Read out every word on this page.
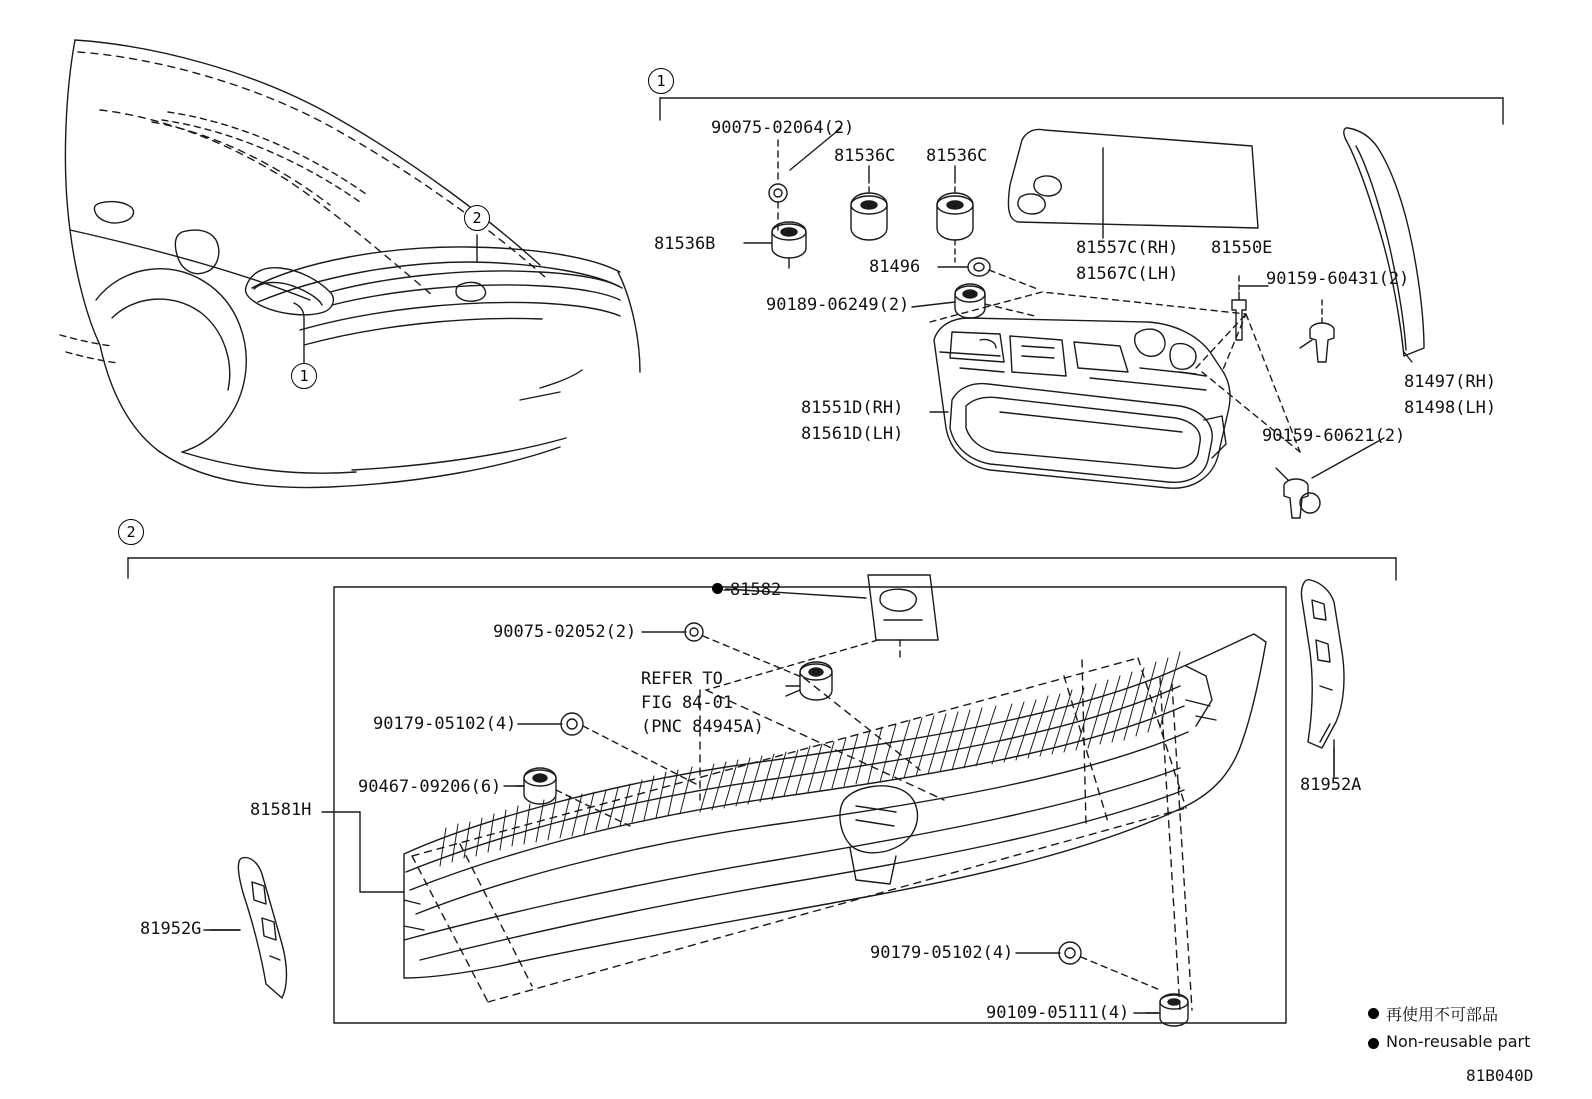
1
2
2
1
90075-02064(2)
81536C 81536C
81536B
81496
90189-06249(2)
81557C(RH)
81567C(LH)
81550E
90159-60431(2)
81497(RH)
81498(LH)
81551D(RH)
81561D(LH)	90159-60621(2)
81582
90075-02052(2)
REFER TO
FIG 84-01
(PNC 84945A)
90179-05102(4)
90467-09206(6)
81581H
81952A
81952G
90179-05102(4)
90109-05111(4)	再使用不可部品
Non-reusable part
81B040D
